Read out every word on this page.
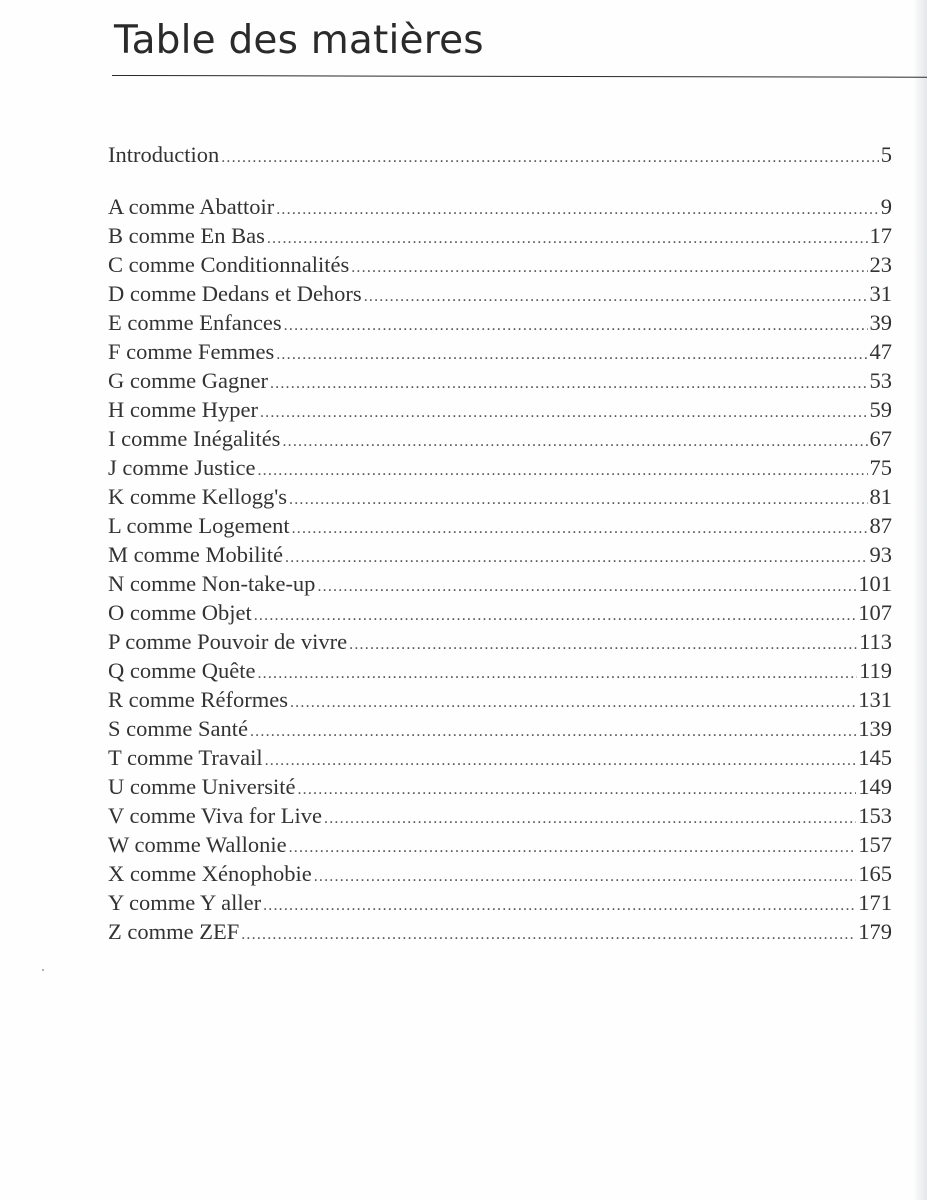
Table des matières
Introduction .....	5
A comme Abattoir .....	9
B comme En Bas .....	17
C comme Conditionnalités .....	23
D comme Dedans et Dehors .....	31
E comme Enfances .....	39
F comme Femmes .....	47
G comme Gagner .....	53
H comme Hyper .....	59
I comme Inégalités .....	67
J comme Justice .....	75
K comme Kellogg's .....	81
L comme Logement .....	87
M comme Mobilité .....	93
N comme Non-take-up .....	101
O comme Objet .....	107
P comme Pouvoir de vivre .....	113
Q comme Quête .....	119
R comme Réformes .....	131
S comme Santé .....	139
T comme Travail .....	145
U comme Université .....	149
V comme Viva for Live .....	153
W comme Wallonie .....	157
X comme Xénophobie .....	165
Y comme Y aller .....	171
Z comme ZEF .....	179
